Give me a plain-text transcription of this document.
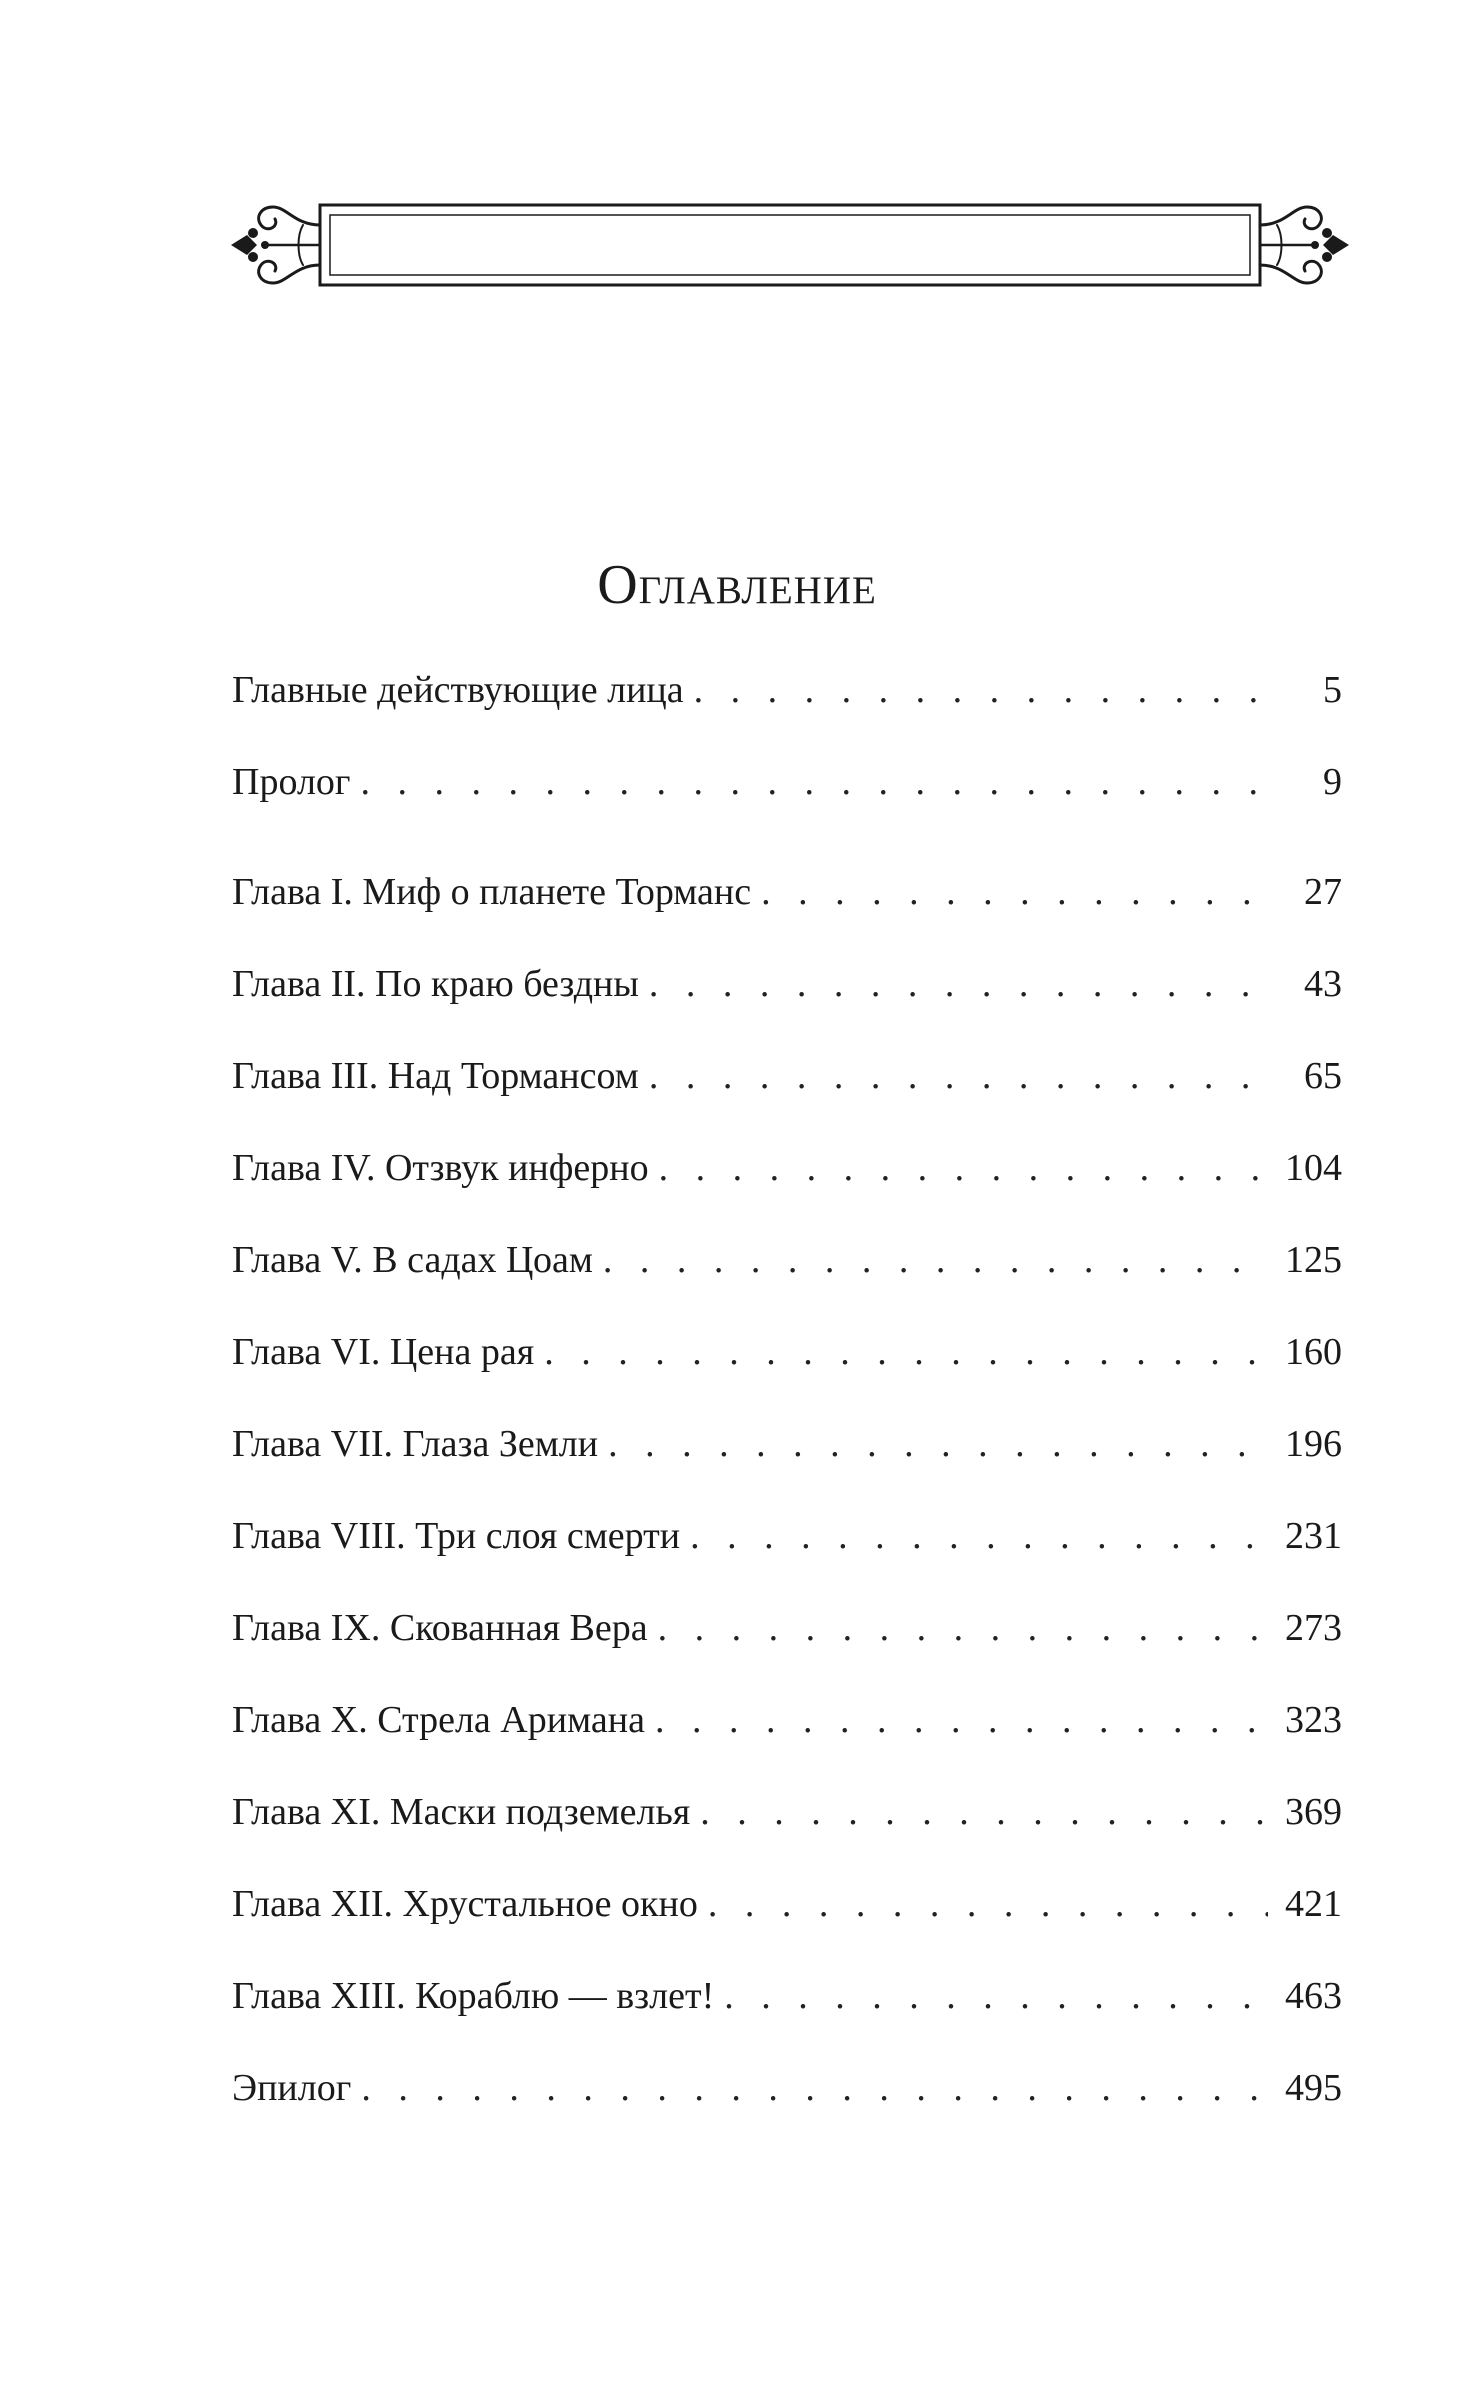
Оглавление
Главные действующие лица . . .	5
Пролог . . .	9
Глава I. Миф о планете Торманс . . .	27
Глава II. По краю бездны . . .	43
Глава III. Над Тормансом . . .	65
Глава IV. Отзвук инферно . . .	104
Глава V. В садах Цоам . . .	125
Глава VI. Цена рая . . .	160
Глава VII. Глаза Земли . . .	196
Глава VIII. Три слоя смерти . . .	231
Глава IX. Скованная Вера . . .	273
Глава X. Стрела Аримана . . .	323
Глава XI. Маски подземелья . . .	369
Глава XII. Хрустальное окно . . .	421
Глава XIII. Кораблю — взлет! . . .	463
Эпилог . . .	495
